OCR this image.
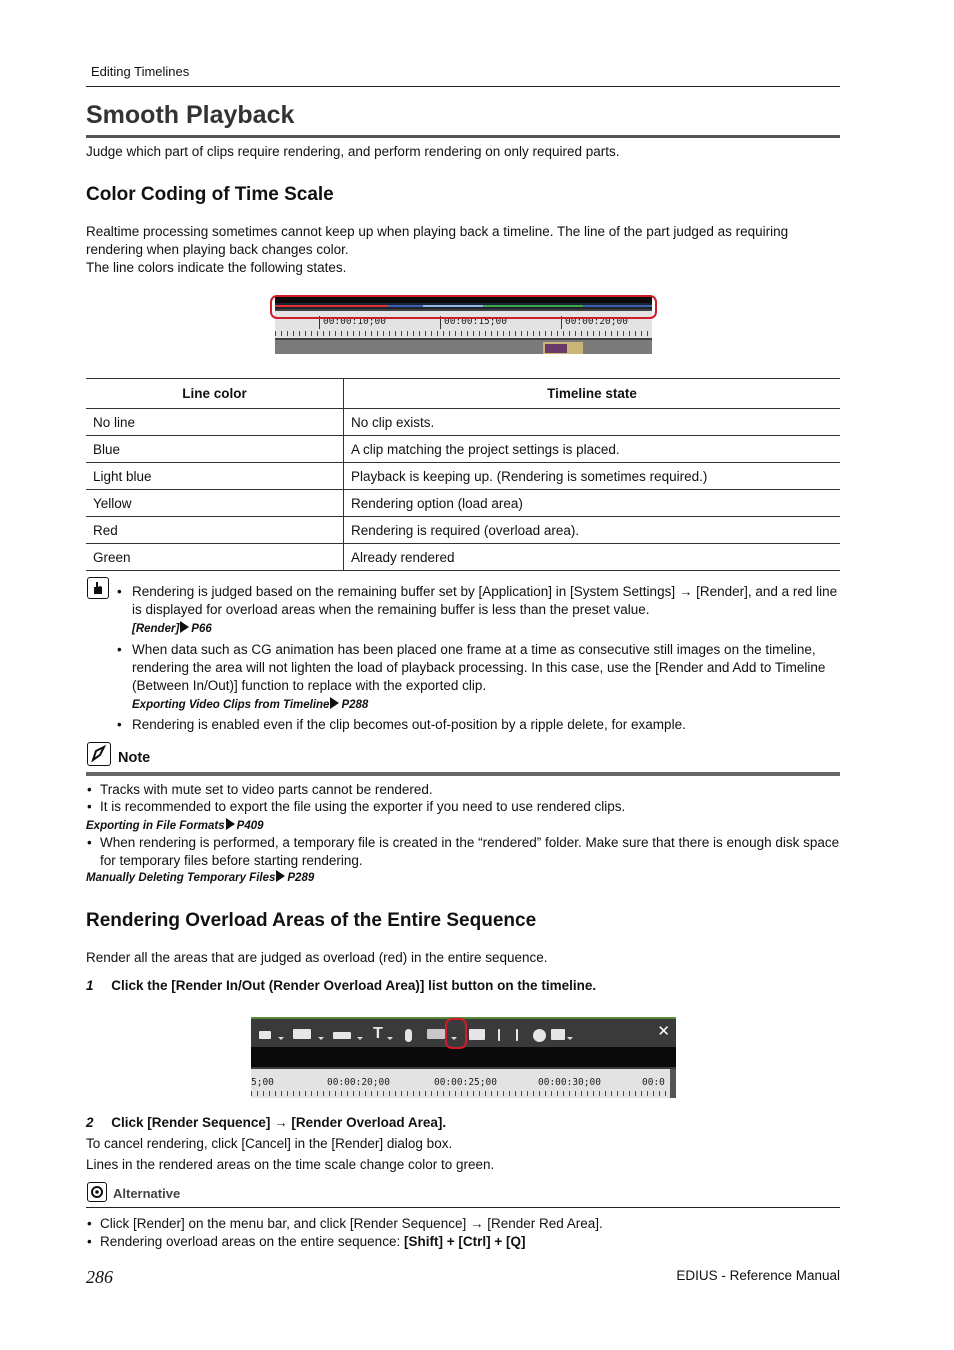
Editing Timelines
Smooth Playback
Judge which part of clips require rendering, and perform rendering on only required parts.
Color Coding of Time Scale
Realtime processing sometimes cannot keep up when playing back a timeline. The line of the part judged as requiring rendering when playing back changes color.
The line colors indicate the following states.
00:00:10;00	00:00:15;00	00:00:20;00
Line color	Timeline state
No line	No clip exists.
Blue	A clip matching the project settings is placed.
Light blue	Playback is keeping up. (Rendering is sometimes required.)
Yellow	Rendering option (load area)
Red	Rendering is required (overload area).
Green	Already rendered
• Rendering is judged based on the remaining buffer set by [Application] in [System Settings] → [Render], and a red line is displayed for overload areas when the remaining buffer is less than the preset value.
[Render] P66
• When data such as CG animation has been placed one frame at a time as consecutive still images on the timeline, rendering the area will not lighten the load of playback processing. In this case, use the [Render and Add to Timeline (Between In/Out)] function to replace with the exported clip.
Exporting Video Clips from Timeline P288
• Rendering is enabled even if the clip becomes out-of-position by a ripple delete, for example.
Note
• Tracks with mute set to video parts cannot be rendered.
• It is recommended to export the file using the exporter if you need to use rendered clips.
Exporting in File Formats P409
• When rendering is performed, a temporary file is created in the “rendered” folder. Make sure that there is enough disk space for temporary files before starting rendering.
Manually Deleting Temporary Files P289
Rendering Overload Areas of the Entire Sequence
Render all the areas that are judged as overload (red) in the entire sequence.
1 Click the [Render In/Out (Render Overload Area)] list button on the timeline.
T	✕
5;00	00:00:20;00	00:00:25;00	00:00:30;00	00:0
2 Click [Render Sequence] → [Render Overload Area].
To cancel rendering, click [Cancel] in the [Render] dialog box.
Lines in the rendered areas on the time scale change color to green.
Alternative
• Click [Render] on the menu bar, and click [Render Sequence] → [Render Red Area].
• Rendering overload areas on the entire sequence: [Shift] + [Ctrl] + [Q]
286	EDIUS - Reference Manual
